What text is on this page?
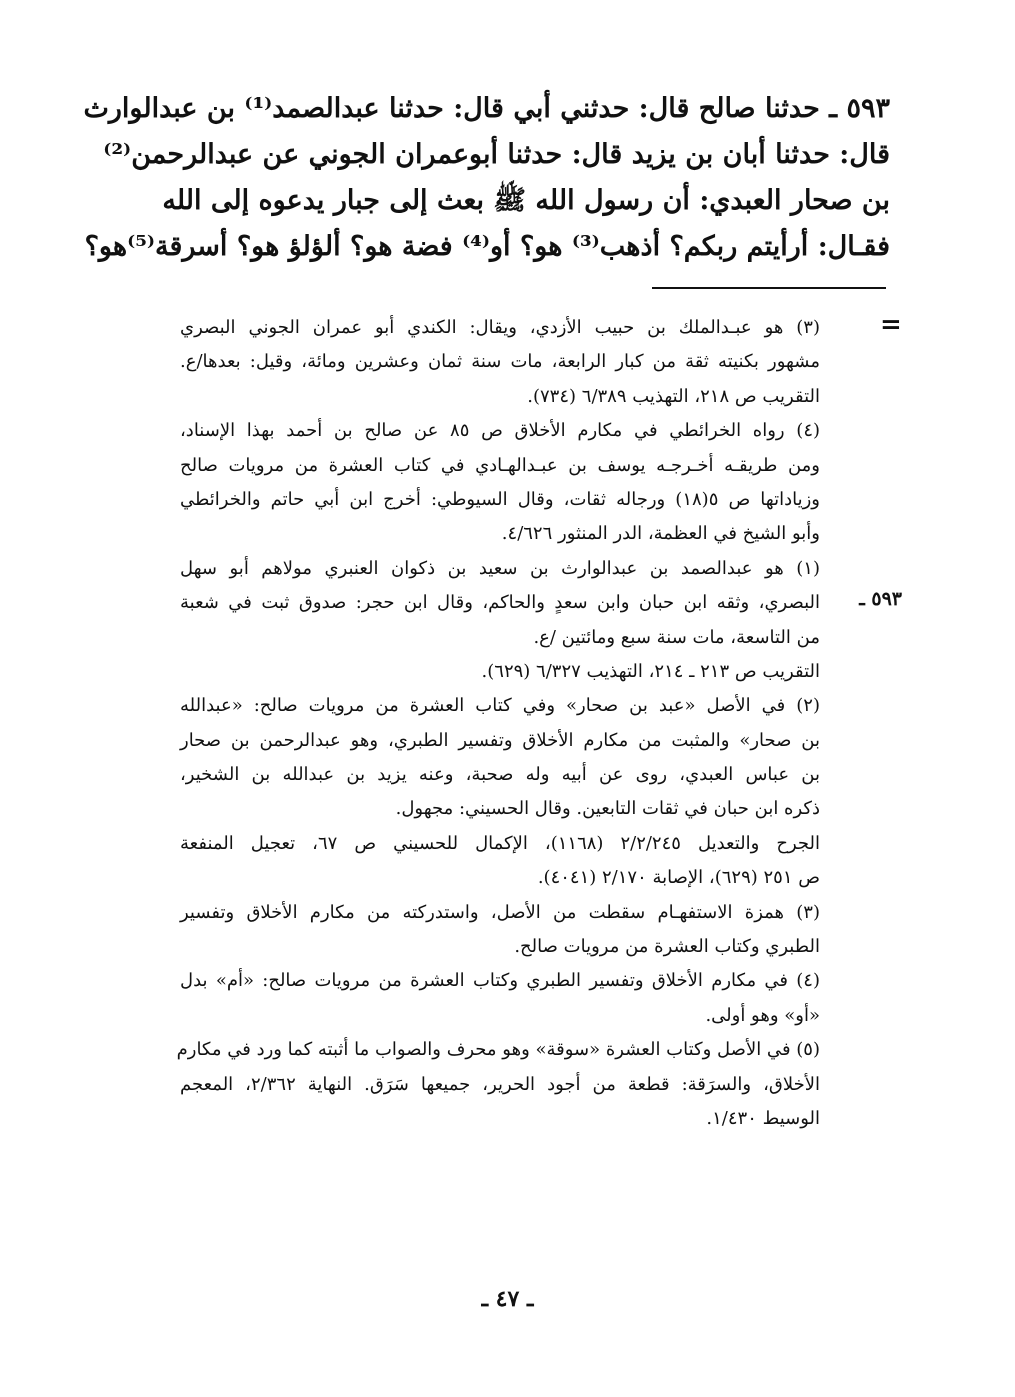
٥٩٣ ـ حدثنا صالح قال: حدثني أبي قال: حدثنا عبدالصمد⁽¹⁾ بن عبدالوارث
قال: حدثنا أبان بن يزيد قال: حدثنا أبوعمران الجوني عن عبدالرحمن⁽²⁾
بن صحار العبدي: أن رسول الله ﷺ بعث إلى جبار يدعوه إلى الله
فقـال: أرأيتم ربكم؟ أذهب⁽³⁾ هو؟ أو⁽⁴⁾ فضة هو؟ ألؤلؤ هو؟ أسرقة⁽⁵⁾هو؟
=
٥٩٣ ـ
(٣) هو عبـدالملك بن حبيب الأزدي، ويقال: الكندي أبو عمران الجوني البصري
مشهور بكنيته ثقة من كبار الرابعة، مات سنة ثمان وعشرين ومائة، وقيل: بعدها/ع.
التقريب ص ٢١٨، التهذيب ٦/٣٨٩ (٧٣٤).
(٤) رواه الخرائطي في مكارم الأخلاق ص ٨٥ عن صالح بن أحمد بهذا الإسناد،
ومن طريقـه أخـرجـه يوسف بن عبـدالهـادي في كتاب العشرة من مرويات صالح
وزياداتها ص ٥(١٨) ورجاله ثقات، وقال السيوطي: أخرج ابن أبي حاتم والخرائطي
وأبو الشيخ في العظمة، الدر المنثور ٤/٦٢٦.
(١) هو عبدالصمد بن عبدالوارث بن سعيد بن ذكوان العنبري مولاهم أبو سهل
البصري، وثقه ابن حبان وابن سعدٍ والحاكم، وقال ابن حجر: صدوق ثبت في شعبة
من التاسعة، مات سنة سبع ومائتين /ع.
التقريب ص ٢١٣ ـ ٢١٤، التهذيب ٦/٣٢٧ (٦٢٩).
(٢) في الأصل «عبد بن صحار» وفي كتاب العشرة من مرويات صالح: «عبدالله
بن صحار» والمثبت من مكارم الأخلاق وتفسير الطبري، وهو عبدالرحمن بن صحار
بن عباس العبدي، روى عن أبيه وله صحبة، وعنه يزيد بن عبدالله بن الشخير،
ذكره ابن حبان في ثقات التابعين. وقال الحسيني: مجهول.
الجرح والتعديل ٢/٢/٢٤٥ (١١٦٨)، الإكمال للحسيني ص ٦٧، تعجيل المنفعة
ص ٢٥١ (٦٢٩)، الإصابة ٢/١٧٠ (٤٠٤١).
(٣) همزة الاستفهـام سقطت من الأصل، واستدركته من مكارم الأخلاق وتفسير
الطبري وكتاب العشرة من مرويات صالح.
(٤) في مكارم الأخلاق وتفسير الطبري وكتاب العشرة من مرويات صالح: «أم» بدل
«أو» وهو أولى.
(٥) في الأصل وكتاب العشرة «سوقة» وهو محرف والصواب ما أثبته كما ورد في مكارم
الأخلاق، والسرَقة: قطعة من أجود الحرير، جميعها سَرَق. النهاية ٢/٣٦٢، المعجم
الوسيط ١/٤٣٠.
ـ ٤٧ ـ
